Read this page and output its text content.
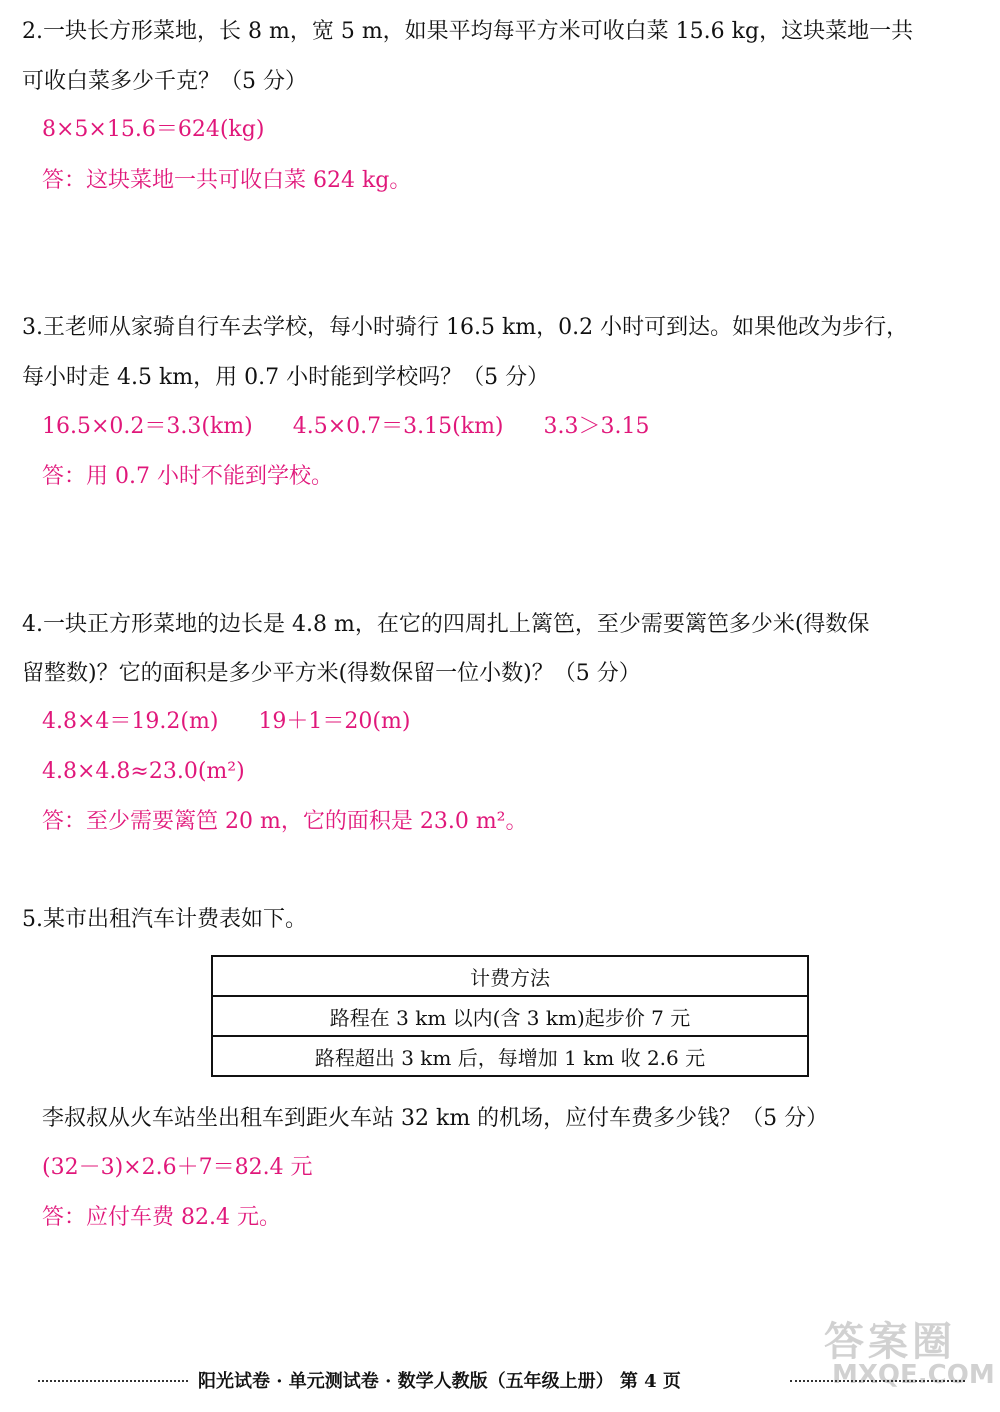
2.一块长方形菜地，长 8 m，宽 5 m，如果平均每平方米可收白菜 15.6 kg，这块菜地一共
可收白菜多少千克？（5 分）
8×5×15.6＝624(kg)
答：这块菜地一共可收白菜 624 kg。
3.王老师从家骑自行车去学校，每小时骑行 16.5 km，0.2 小时可到达。如果他改为步行，
每小时走 4.5 km，用 0.7 小时能到学校吗？（5 分）
16.5×0.2＝3.3(km) 4.5×0.7＝3.15(km) 3.3＞3.15
答：用 0.7 小时不能到学校。
4.一块正方形菜地的边长是 4.8 m，在它的四周扎上篱笆，至少需要篱笆多少米(得数保
留整数)？它的面积是多少平方米(得数保留一位小数)？（5 分）
4.8×4＝19.2(m) 19＋1＝20(m)
4.8×4.8≈23.0(m²)
答：至少需要篱笆 20 m，它的面积是 23.0 m²。
5.某市出租汽车计费表如下。
计费方法
路程在 3 km 以内(含 3 km)起步价 7 元
路程超出 3 km 后，每增加 1 km 收 2.6 元
李叔叔从火车站坐出租车到距火车站 32 km 的机场，应付车费多少钱？（5 分）
(32－3)×2.6＋7＝82.4 元
答：应付车费 82.4 元。
答案圈
MXQE.COM
阳光试卷 · 单元测试卷 · 数学人教版（五年级上册） 第 4 页
